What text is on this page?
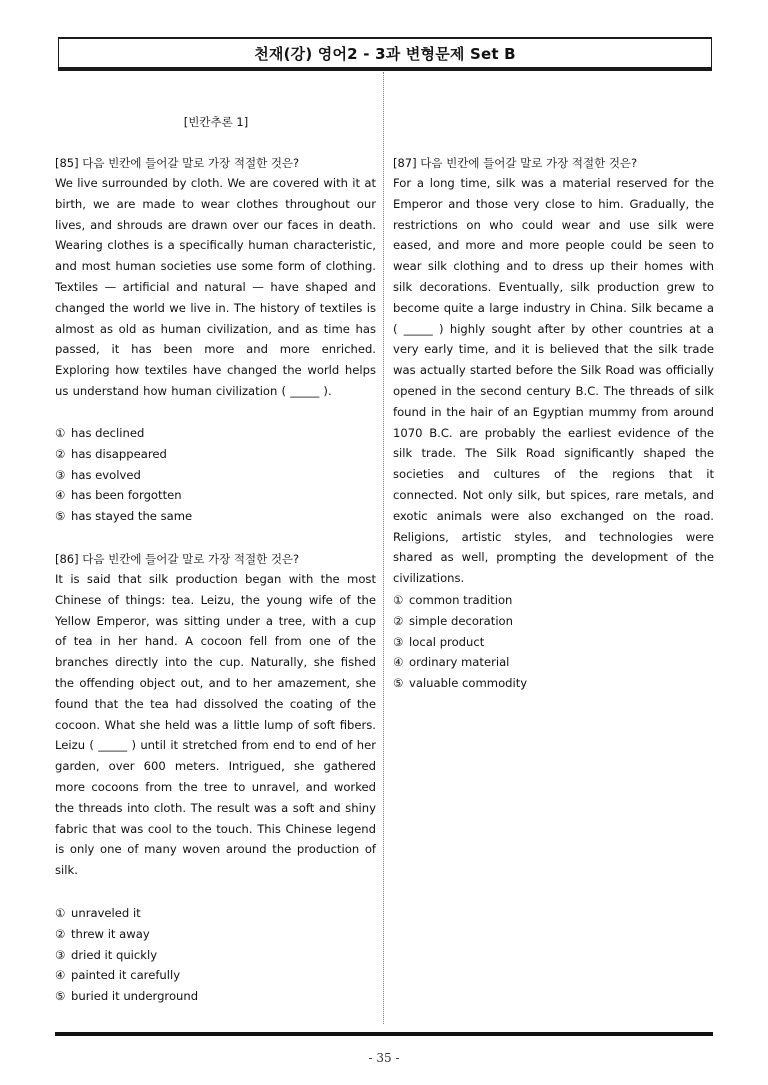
천재(강) 영어2 - 3과 변형문제 Set B
[빈칸추론 1]
[85] 다음 빈칸에 들어갈 말로 가장 적절한 것은?
We live surrounded by cloth. We are covered with it at birth, we are made to wear clothes throughout our lives, and shrouds are drawn over our faces in death. Wearing clothes is a specifically human characteristic, and most human societies use some form of clothing. Textiles — artificial and natural — have shaped and changed the world we live in. The history of textiles is almost as old as human civilization, and as time has passed, it has been more and more enriched. Exploring how textiles have changed the world helps us understand how human civilization ( _____ ).
① has declined
② has disappeared
③ has evolved
④ has been forgotten
⑤ has stayed the same
[86] 다음 빈칸에 들어갈 말로 가장 적절한 것은?
It is said that silk production began with the most Chinese of things: tea. Leizu, the young wife of the Yellow Emperor, was sitting under a tree, with a cup of tea in her hand. A cocoon fell from one of the branches directly into the cup. Naturally, she fished the offending object out, and to her amazement, she found that the tea had dissolved the coating of the cocoon. What she held was a little lump of soft fibers. Leizu ( _____ ) until it stretched from end to end of her garden, over 600 meters. Intrigued, she gathered more cocoons from the tree to unravel, and worked the threads into cloth. The result was a soft and shiny fabric that was cool to the touch. This Chinese legend is only one of many woven around the production of silk.
① unraveled it
② threw it away
③ dried it quickly
④ painted it carefully
⑤ buried it underground
[87] 다음 빈칸에 들어갈 말로 가장 적절한 것은?
For a long time, silk was a material reserved for the Emperor and those very close to him. Gradually, the restrictions on who could wear and use silk were eased, and more and more people could be seen to wear silk clothing and to dress up their homes with silk decorations. Eventually, silk production grew to become quite a large industry in China. Silk became a ( _____ ) highly sought after by other countries at a very early time, and it is believed that the silk trade was actually started before the Silk Road was officially opened in the second century B.C. The threads of silk found in the hair of an Egyptian mummy from around 1070 B.C. are probably the earliest evidence of the silk trade. The Silk Road significantly shaped the societies and cultures of the regions that it connected. Not only silk, but spices, rare metals, and exotic animals were also exchanged on the road. Religions, artistic styles, and technologies were shared as well, prompting the development of the civilizations.
① common tradition
② simple decoration
③ local product
④ ordinary material
⑤ valuable commodity
- 35 -
